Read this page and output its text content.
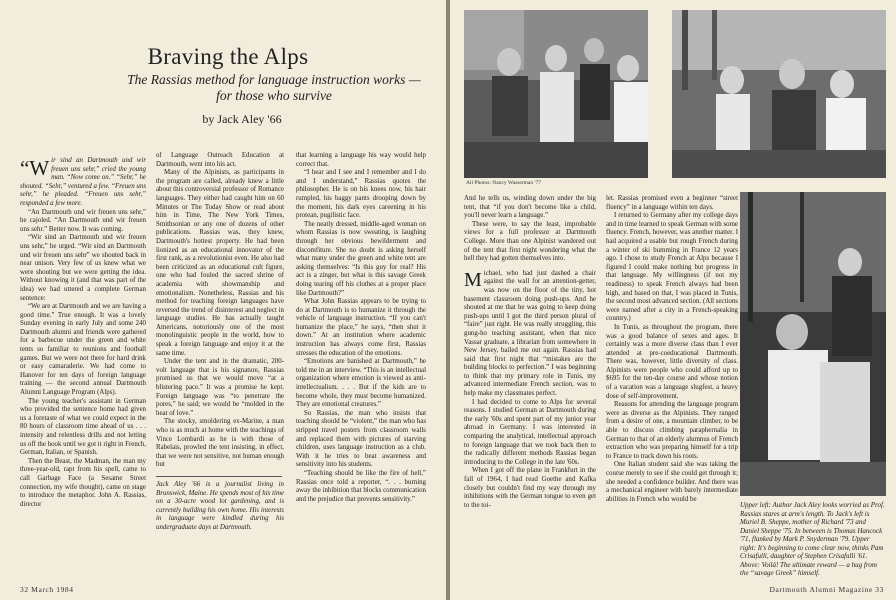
Braving the Alps
The Rassias method for language instruction works — for those who survive
by Jack Aley '66

“Wir sind an Dartmouth und wir freuen uns sehr,” cried the young man. “Now come on.” “Sehr,” he shouted. “Sehr,” ventured a few. “Freuen uns sehr,” he pleaded. “Freuen uns sehr,” responded a few more.

“An Dartmouth und wir freuen uns sehr,” he cajoled. “An Dartmouth und wir freuen uns sehr.” Better now. It was coming.

“Wir sind an Dartmouth und wir freuen uns sehr,” he urged. “Wir sind an Dartmouth und wir freuen uns sehr” we shouted back in near unison. Very few of us knew what we were shouting but we were getting the idea. Without knowing it (and that was part of the idea) we had uttered a complete German sentence:

“We are at Dartmouth and we are having a good time.” True enough. It was a lovely Sunday evening in early July and some 240 Dartmouth alumni and friends were gathered for a barbecue under the green and white tents so familiar to reunions and football games. But we were not there for hard drink or easy camaraderie. We had come to Hanover for ten days of foreign language training — the second annual Dartmouth Alumni Language Program (Alps).

The young teacher's assistant in German who provided the sentence home had given us a foretaste of what we could expect in the 80 hours of classroom time ahead of us . . . intensity and relentless drills and not letting us off the hook until we got it right in French, German, Italian, or Spanish.

Then the Beast, the Madman, the man my three-year-old, rapt from his spell, came to call Garbage Face (a Sesame Street connection, my wife thought), came on stage to introduce the metaphor. John A. Rassias, director

of Language Outreach Education at Dartmouth, went into his act.

Many of the Alpinists, as participants in the program are called, already knew a little about this controversial professor of Romance languages. They either had caught him on 60 Minutes or The Today Show or read about him in Time, The New York Times, Smithsonian or any one of dozens of other publications. Rassias was, they knew, Dartmouth's hottest property. He had been lionized as an educational innovator of the first rank, as a revolutionist even. He also had been criticized as an educational cult figure, one who had fouled the sacred shrine of academia with showmanship and emotionalism. Nonetheless, Rassias and his method for teaching foreign languages have reversed the trend of disinterest and neglect in language studies. He has actually taught Americans, notoriously one of the most monolinguistic people in the world, how to speak a foreign language and enjoy it at the same time.

Under the tent and in the dramatic, 200-volt language that is his signature, Rassias promised us that we would move “at a blistering pace.” It was a promise he kept. Foreign language was “to penetrate the pores,” he said; we would be “molded in the heat of love.”

The stocky, smoldering ex-Marine, a man who is as much at home with the teachings of Vince Lombardi as he is with those of Rabelais, prowled the tent insisting, in effect, that we were not sensitive, not human enough but

Jack Aley '66 is a journalist living in Brunswick, Maine. He spends most of his time on a 30-acre wood lot gardening, and is currently building his own home. His interests in language were kindled during his undergraduate days at Dartmouth.

that learning a language his way would help correct that.

“I hear and I see and I remember and I do and I understand,” Rassias quotes the philosopher. He is on his knees now, his hair rumpled, his baggy pants drooping down by the moment, his dark eyes careening in his protean, pugilistic face.

The neatly dressed, middle-aged woman on whom Rassias is now sweating, is laughing through her obvious bewilderment and discomfiture. She no doubt is asking herself what many under the green and white tent are asking themselves: “Is this guy for real? His act is a zinger, but what is this savage Greek doing tearing off his clothes at a proper place like Dartmouth?”

What John Rassias appears to be trying to do at Dartmouth is to humanize it through the vehicle of language instruction. “If you can't humanize the place,” he says, “then shut it down.” At an institution where academic instruction has always come first, Rassias stresses the education of the emotions.

“Emotions are banished at Dartmouth,” he told me in an interview. “This is an intellectual organization where emotion is viewed as anti-intellectualism. . . . But if the kids are to become whole, they must become humanized. They are emotional creatures.”

So Rassias, the man who insists that teaching should be “violent,” the man who has stripped travel posters from classroom walls and replaced them with pictures of starving children, uses language instruction as a club. With it he tries to beat awareness and sensitivity into his students.

“Teaching should be like the fire of hell,” Rassias once told a reporter, “. . . burning away the inhibition that blocks communication and the prejudice that prevents sensitivity.”

32 March 1984
All Photos: Nancy Wasserman '77

And he tells us, winding down under the big tent, that “if you don't become like a child, you'll never learn a language.”

These were, to say the least, improbable views for a full professor at Dartmouth College. More than one Alpinist wandered out of the tent that first night wondering what the hell they had gotten themselves into.

Michael, who had just dashed a chair against the wall for an attention-getter, was now on the floor of the tiny, hot basement classroom doing push-ups. And he shouted at me that he was going to keep doing push-ups until I got the third person plural of “faire” just right. He was really struggling, this gung-ho teaching assistant, when that nice Vassar graduate, a librarian from somewhere in New Jersey, bailed me out again. Rassias had said that first night that “mistakes are the building blocks to perfection.” I was beginning to think that my primary role in Tunis, my advanced intermediate French section, was to help make my classmates perfect.

I had decided to come to Alps for several reasons. I studied German at Dartmouth during the early '60s and spent part of my junior year abroad in Germany. I was interested in comparing the analytical, intellectual approach to foreign language that we took back then to the radically different methods Rassias began introducing to the College in the late '60s.

When I got off the plane in Frankfurt in the fall of 1964, I had read Goethe and Kafka closely but couldn't find my way through my inhibitions with the German tongue to even get to the toi-

let. Rassias promised even a beginner “street fluency” in a language within ten days.

I returned to Germany after my college days and in time learned to speak German with some fluency. French, however, was another matter. I had acquired a usable but rough French during a winter of ski bumming in France 12 years ago. I chose to study French at Alps because I figured I could make nothing but progress in that language. My willingness (if not my readiness) to speak French always had been high, and based on that, I was placed in Tunis, the second most advanced section. (All sections were named after a city in a French-speaking country.)

In Tunis, as throughout the program, there was a good balance of sexes and ages. It certainly was a more diverse class than I ever attended at pre-coeducational Dartmouth. There was, however, little diversity of class. Alpinists were people who could afford up to $695 for the ten-day course and whose notion of a vacation was a language slugfest, a heavy dose of self-improvement.

Reasons for attending the language program were as diverse as the Alpinists. They ranged from a desire of one, a mountain climber, to be able to discuss climbing paraphernalia in German to that of an elderly alumnus of French extraction who was preparing himself for a trip to France to track down his roots.

One Italian student said she was taking the course merely to see if she could get through it; she needed a confidence builder. And there was a mechanical engineer with barely intermediate abilities in French who would be

Upper left: Author Jack Aley looks worried as Prof. Rassias stares at arm's length. To Jack's left is Muriel B. Sheppe, mother of Richard '73 and Daniel Sheppe '75. In between is Thomas Hancock '71, flanked by Mark P. Snyderman '79. Upper right: It's beginning to come clear now, thinks Pam Crisafulli, daughter of Stephen Crisafulli '61. Above: Voilà! The ultimate reward — a hug from the “savage Greek” himself.
Dartmouth Alumni Magazine 33
